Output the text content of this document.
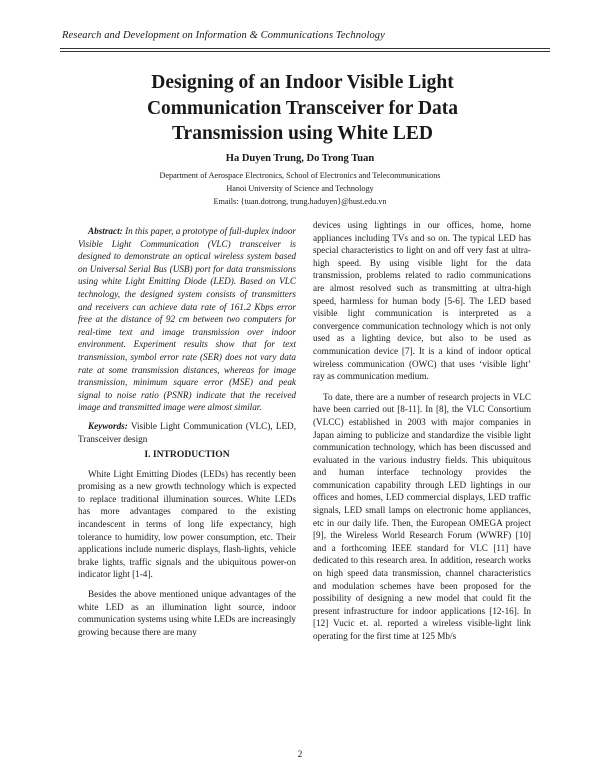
Research and Development on Information & Communications Technology
Designing of an Indoor Visible Light Communication Transceiver for Data Transmission using White LED
Ha Duyen Trung, Do Trong Tuan
Department of Aerospace Electronics, School of Electronics and Telecommunications
Hanoi University of Science and Technology
Emails: {tuan.dotrong, trung.haduyen}@hust.edu.vn

Abstract: In this paper, a prototype of full-duplex indoor Visible Light Communication (VLC) transceiver is designed to demonstrate an optical wireless system based on Universal Serial Bus (USB) port for data transmissions using white Light Emitting Diode (LED). Based on VLC technology, the designed system consists of transmitters and receivers can achieve data rate of 161.2 Kbps error free at the distance of 92 cm between two computers for real-time text and image transmission over indoor environment. Experiment results show that for text transmission, symbol error rate (SER) does not vary data rate at some transmission distances, whereas for image transmission, minimum square error (MSE) and peak signal to noise ratio (PSNR) indicate that the received image and transmitted image were almost similar.

Keywords: Visible Light Communication (VLC), LED, Transceiver design

I. INTRODUCTION

White Light Emitting Diodes (LEDs) has recently been promising as a new growth technology which is expected to replace traditional illumination sources. White LEDs has more advantages compared to the existing incandescent in terms of long life expectancy, high tolerance to humidity, low power consumption, etc. Their applications include numeric displays, flash-lights, vehicle brake lights, traffic signals and the ubiquitous power-on indicator light [1-4].

Besides the above mentioned unique advantages of the white LED as an illumination light source, indoor communication systems using white LEDs are increasingly growing because there are many

devices using lightings in our offices, home, home appliances including TVs and so on. The typical LED has special characteristics to light on and off very fast at ultra-high speed. By using visible light for the data transmission, problems related to radio communications are almost resolved such as transmitting at ultra-high speed, harmless for human body [5-6]. The LED based visible light communication is interpreted as a convergence communication technology which is not only used as a lighting device, but also to be used as communication device [7]. It is a kind of indoor optical wireless communication (OWC) that uses ‘visible light’ ray as communication medium.

To date, there are a number of research projects in VLC have been carried out [8-11]. In [8], the VLC Consortium (VLCC) established in 2003 with major companies in Japan aiming to publicize and standardize the visible light communication technology, which has been discussed and evaluated in the various industry fields. This ubiquitous and human interface technology provides the communication capability through LED lightings in our offices and homes, LED commercial displays, LED traffic signals, LED small lamps on electronic home appliances, etc in our daily life. Then, the European OMEGA project [9], the Wireless World Research Forum (WWRF) [10] and a forthcoming IEEE standard for VLC [11] have dedicated to this research area. In addition, research works on high speed data transmission, channel characteristics and modulation schemes have been proposed for the possibility of designing a new model that could fit the present infrastructure for indoor applications [12-16]. In [12] Vucic et. al. reported a wireless visible-light link operating for the first time at 125 Mb/s

2
